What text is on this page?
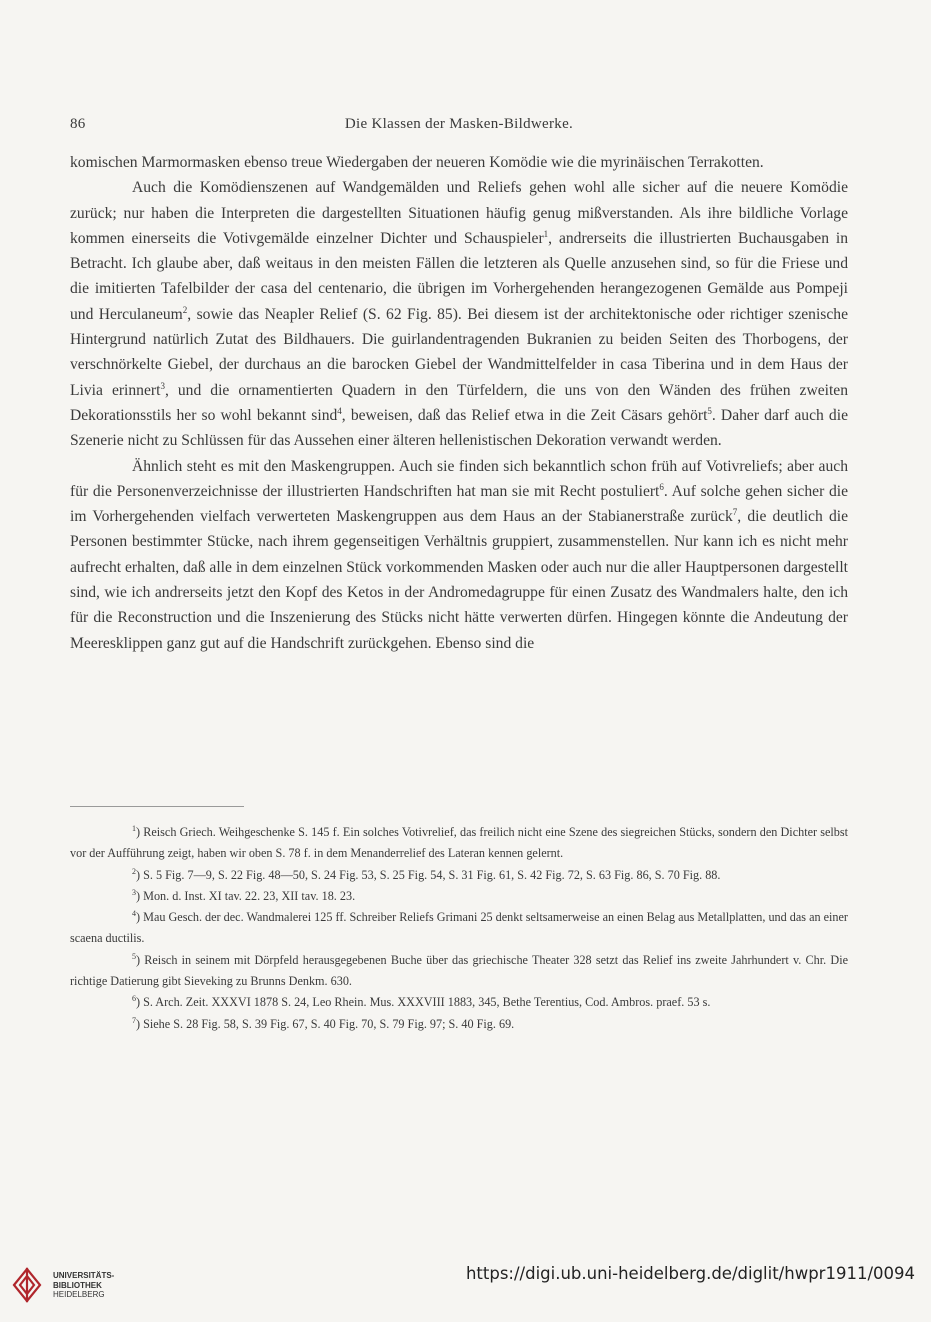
86	Die Klassen der Masken-Bildwerke.

komischen Marmormasken ebenso treue Wiedergaben der neueren Komödie wie die myrinäischen Terrakotten.

Auch die Komödienszenen auf Wandgemälden und Reliefs gehen wohl alle sicher auf die neuere Komödie zurück; nur haben die Interpreten die dargestellten Situationen häufig genug mißverstanden. Als ihre bildliche Vorlage kommen einerseits die Votivgemälde einzelner Dichter und Schauspieler$^1$, andrerseits die illustrierten Buchausgaben in Betracht. Ich glaube aber, daß weitaus in den meisten Fällen die letzteren als Quelle anzusehen sind, so für die Friese und die imitierten Tafelbilder der casa del centenario, die übrigen im Vorhergehenden herangezogenen Gemälde aus Pompeji und Herculaneum$^2$, sowie das Neapler Relief (S. 62 Fig. 85). Bei diesem ist der architektonische oder richtiger szenische Hintergrund natürlich Zutat des Bildhauers. Die guirlandentragenden Bukranien zu beiden Seiten des Thorbogens, der verschnörkelte Giebel, der durchaus an die barocken Giebel der Wandmittelfelder in casa Tiberina und in dem Haus der Livia erinnert$^3$, und die ornamentierten Quadern in den Türfeldern, die uns von den Wänden des frühen zweiten Dekorationsstils her so wohl bekannt sind$^4$, beweisen, daß das Relief etwa in die Zeit Cäsars gehört$^5$. Daher darf auch die Szenerie nicht zu Schlüssen für das Aussehen einer älteren hellenistischen Dekoration verwandt werden.

Ähnlich steht es mit den Maskengruppen. Auch sie finden sich bekanntlich schon früh auf Votivreliefs; aber auch für die Personenverzeichnisse der illustrierten Handschriften hat man sie mit Recht postuliert$^6$. Auf solche gehen sicher die im Vorhergehenden vielfach verwerteten Maskengruppen aus dem Haus an der Stabianerstraße zurück$^7$, die deutlich die Personen bestimmter Stücke, nach ihrem gegenseitigen Verhältnis gruppiert, zusammenstellen. Nur kann ich es nicht mehr aufrecht erhalten, daß alle in dem einzelnen Stück vorkommenden Masken oder auch nur die aller Hauptpersonen dargestellt sind, wie ich andrerseits jetzt den Kopf des Ketos in der Andromedagruppe für einen Zusatz des Wandmalers halte, den ich für die Reconstruction und die Inszenierung des Stücks nicht hätte verwerten dürfen. Hingegen könnte die Andeutung der Meeresklippen ganz gut auf die Handschrift zurückgehen. Ebenso sind die

$^1$) Reisch Griech. Weihgeschenke S. 145 f. Ein solches Votivrelief, das freilich nicht eine Szene des siegreichen Stücks, sondern den Dichter selbst vor der Aufführung zeigt, haben wir oben S. 78 f. in dem Menanderrelief des Lateran kennen gelernt.

$^2$) S. 5 Fig. 7—9, S. 22 Fig. 48—50, S. 24 Fig. 53, S. 25 Fig. 54, S. 31 Fig. 61, S. 42 Fig. 72, S. 63 Fig. 86, S. 70 Fig. 88.

$^3$) Mon. d. Inst. XI tav. 22. 23, XII tav. 18. 23.

$^4$) Mau Gesch. der dec. Wandmalerei 125 ff. Schreiber Reliefs Grimani 25 denkt seltsamerweise an einen Belag aus Metallplatten, und das an einer scaena ductilis.

$^5$) Reisch in seinem mit Dörpfeld herausgegebenen Buche über das griechische Theater 328 setzt das Relief ins zweite Jahrhundert v. Chr. Die richtige Datierung gibt Sieveking zu Brunns Denkm. 630.

$^6$) S. Arch. Zeit. XXXVI 1878 S. 24, Leo Rhein. Mus. XXXVIII 1883, 345, Bethe Terentius, Cod. Ambros. praef. 53 s.

$^7$) Siehe S. 28 Fig. 58, S. 39 Fig. 67, S. 40 Fig. 70, S. 79 Fig. 97; S. 40 Fig. 69.

UNIVERSITÄTS-
BIBLIOTHEK
HEIDELBERG
https://digi.ub.uni-heidelberg.de/diglit/hwpr1911/0094
